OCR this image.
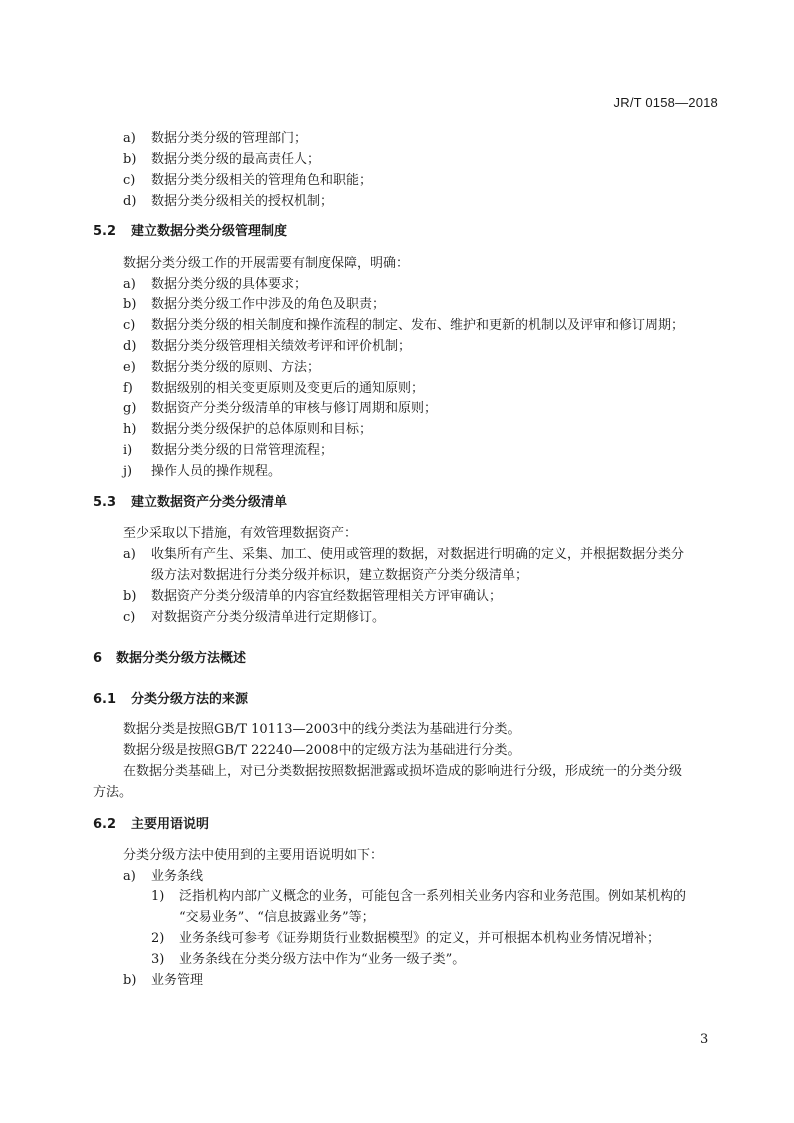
JR/T 0158—2018
a) 数据分类分级的管理部门；
b) 数据分类分级的最高责任人；
c) 数据分类分级相关的管理角色和职能；
d) 数据分类分级相关的授权机制；
5.2 建立数据分类分级管理制度
数据分类分级工作的开展需要有制度保障，明确：
a) 数据分类分级的具体要求；
b) 数据分类分级工作中涉及的角色及职责；
c) 数据分类分级的相关制度和操作流程的制定、发布、维护和更新的机制以及评审和修订周期；
d) 数据分类分级管理相关绩效考评和评价机制；
e) 数据分类分级的原则、方法；
f) 数据级别的相关变更原则及变更后的通知原则；
g) 数据资产分类分级清单的审核与修订周期和原则；
h) 数据分类分级保护的总体原则和目标；
i) 数据分类分级的日常管理流程；
j) 操作人员的操作规程。
5.3 建立数据资产分类分级清单
至少采取以下措施，有效管理数据资产：
a) 收集所有产生、采集、加工、使用或管理的数据，对数据进行明确的定义，并根据数据分类分
级方法对数据进行分类分级并标识，建立数据资产分类分级清单；
b) 数据资产分类分级清单的内容宜经数据管理相关方评审确认；
c) 对数据资产分类分级清单进行定期修订。
6 数据分类分级方法概述
6.1 分类分级方法的来源
数据分类是按照GB/T 10113—2003中的线分类法为基础进行分类。
数据分级是按照GB/T 22240—2008中的定级方法为基础进行分类。
在数据分类基础上，对已分类数据按照数据泄露或损坏造成的影响进行分级，形成统一的分类分级
方法。
6.2 主要用语说明
分类分级方法中使用到的主要用语说明如下：
a) 业务条线
1) 泛指机构内部广义概念的业务，可能包含一系列相关业务内容和业务范围。例如某机构的
“交易业务”、“信息披露业务”等；
2) 业务条线可参考《证券期货行业数据模型》的定义，并可根据本机构业务情况增补；
3) 业务条线在分类分级方法中作为“业务一级子类”。
b) 业务管理
3
